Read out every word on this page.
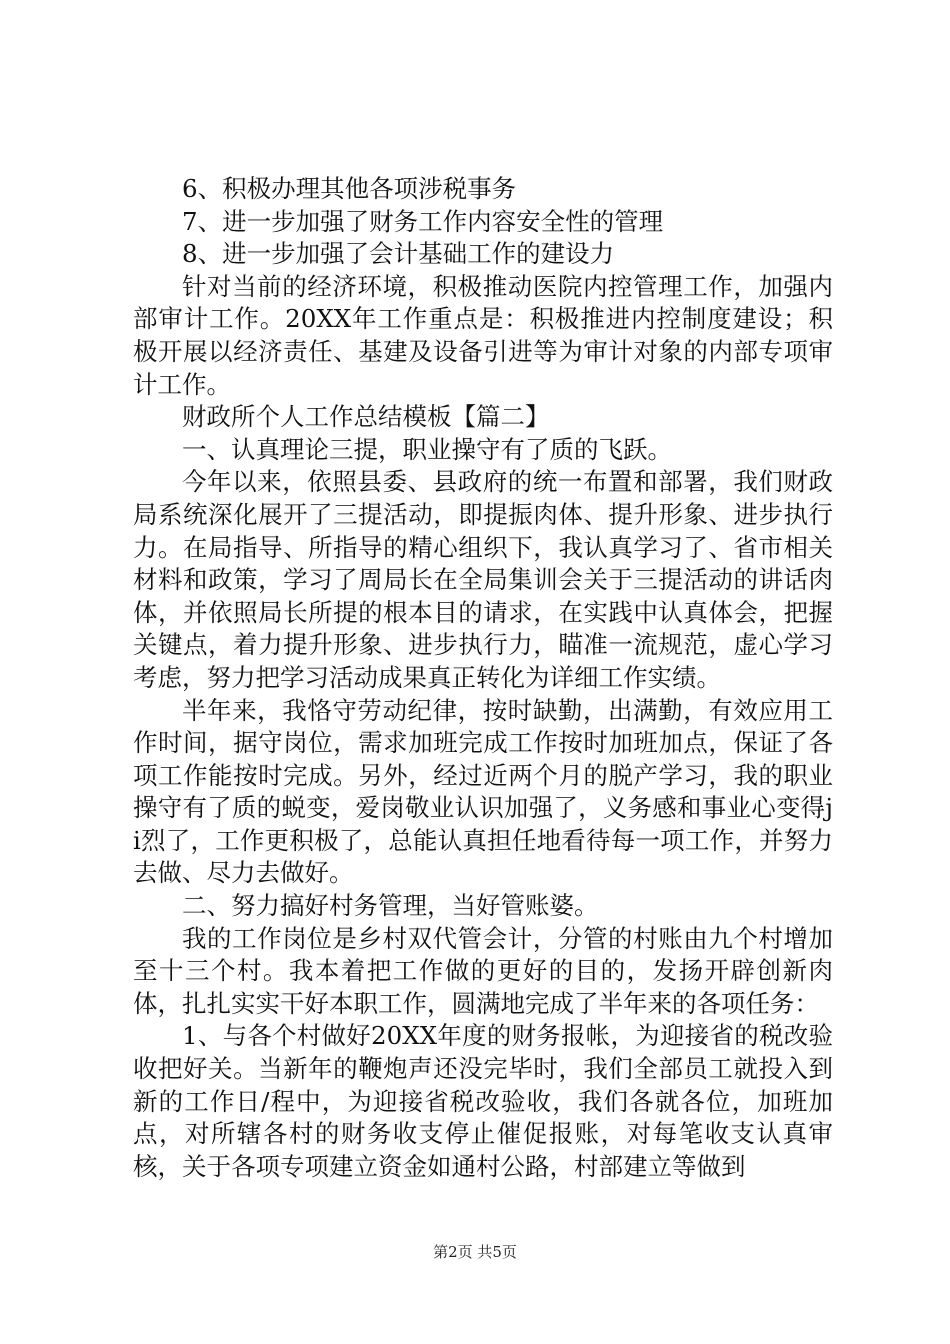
6、积极办理其他各项涉税事务

7、进一步加强了财务工作内容安全性的管理

8、进一步加强了会计基础工作的建设力

针对当前的经济环境，积极推动医院内控管理工作，加强内部审计工作。20XX年工作重点是：积极推进内控制度建设；积极开展以经济责任、基建及设备引进等为审计对象的内部专项审计工作。

财政所个人工作总结模板【篇二】

一、认真理论三提，职业操守有了质的飞跃。

今年以来，依照县委、县政府的统一布置和部署，我们财政局系统深化展开了三提活动，即提振肉体、提升形象、进步执行力。在局指导、所指导的精心组织下，我认真学习了、省市相关材料和政策，学习了周局长在全局集训会关于三提活动的讲话肉体，并依照局长所提的根本目的请求，在实践中认真体会，把握关键点，着力提升形象、进步执行力，瞄准一流规范，虚心学习考虑，努力把学习活动成果真正转化为详细工作实绩。

半年来，我恪守劳动纪律，按时缺勤，出满勤，有效应用工作时间，据守岗位，需求加班完成工作按时加班加点，保证了各项工作能按时完成。另外，经过近两个月的脱产学习，我的职业操守有了质的蜕变，爱岗敬业认识加强了，义务感和事业心变得ji烈了，工作更积极了，总能认真担任地看待每一项工作，并努力去做、尽力去做好。

二、努力搞好村务管理，当好管账婆。

我的工作岗位是乡村双代管会计，分管的村账由九个村增加至十三个村。我本着把工作做的更好的目的，发扬开辟创新肉体，扎扎实实干好本职工作，圆满地完成了半年来的各项任务：

1、与各个村做好20XX年度的财务报帐，为迎接省的税改验收把好关。当新年的鞭炮声还没完毕时，我们全部员工就投入到新的工作日/程中，为迎接省税改验收，我们各就各位，加班加点，对所辖各村的财务收支停止催促报账，对每笔收支认真审核，关于各项专项建立资金如通村公路，村部建立等做到

第2页 共5页
